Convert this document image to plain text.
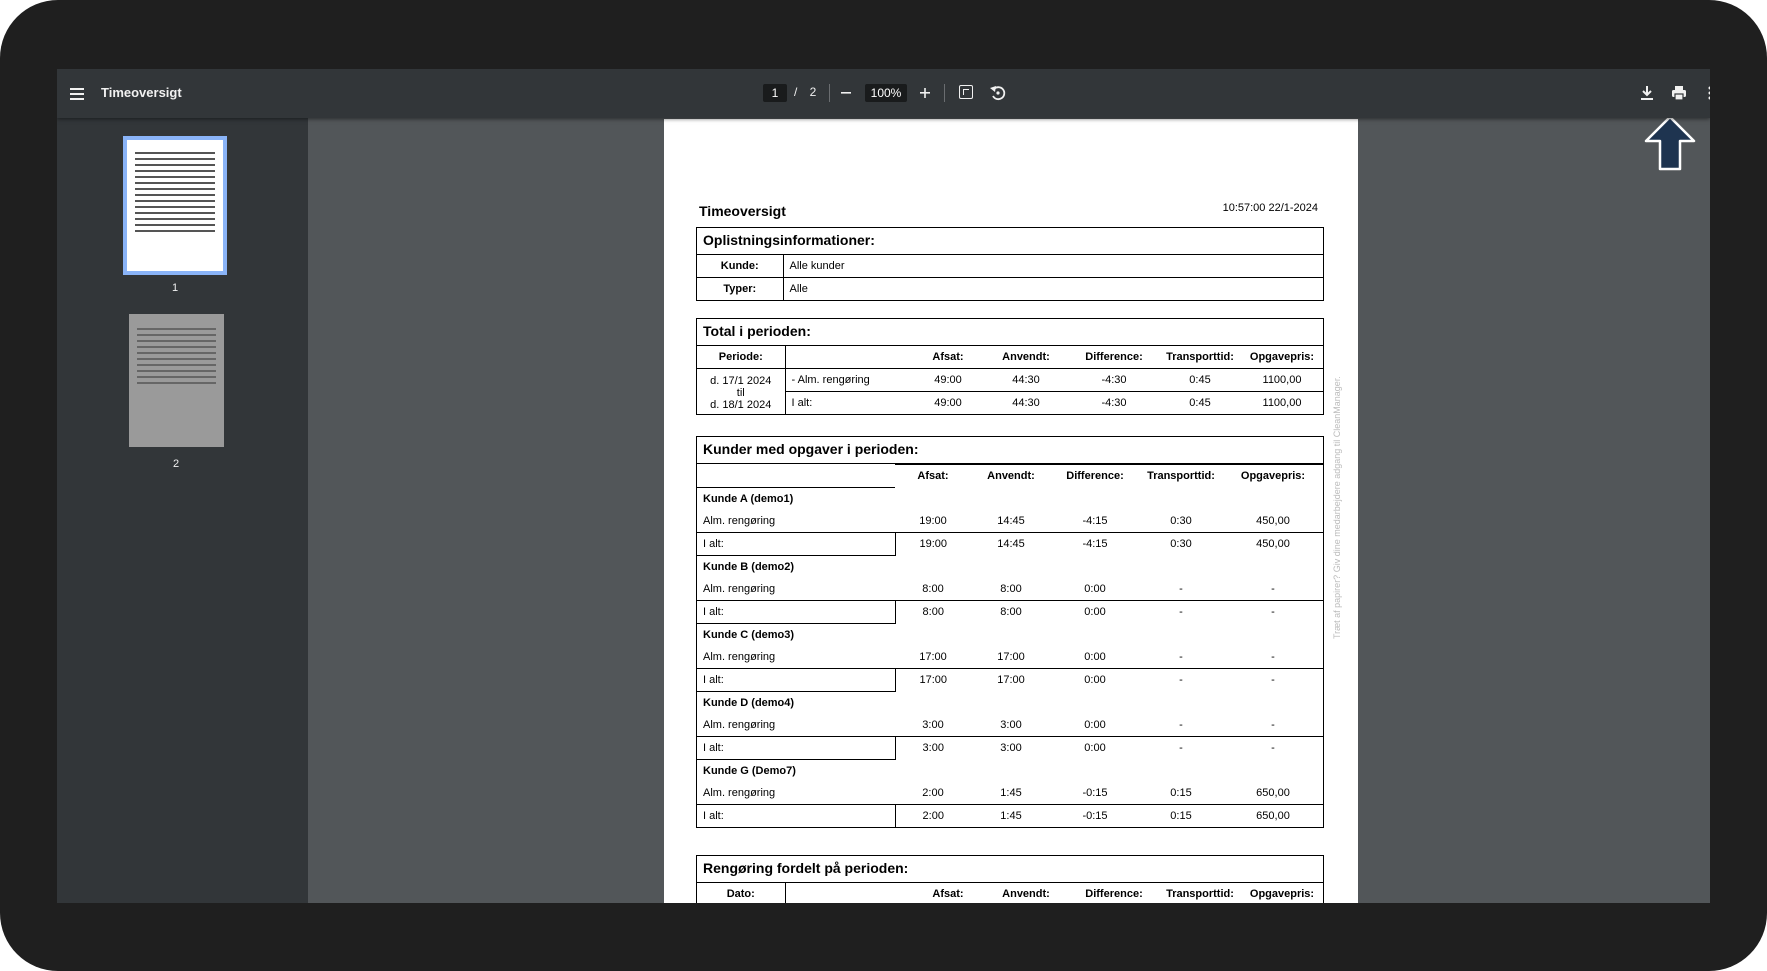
Timeoversigt	1	/	2	100%
1
2
Timeoversigt	10:57:00 22/1-2024
Oplistningsinformationer:
Kunde:	Alle kunder
Typer:	Alle
Total i perioden:
Periode:		Afsat:	Anvendt:	Difference:	Transporttid:	Opgavepris:

d. 17/1 2024
til
d. 18/1 2024	- Alm. rengøring	49:00	44:30	-4:30	0:45	1100,00
	I alt:	49:00	44:30	-4:30	0:45	1100,00
Kunder med opgaver i perioden:
	Afsat:	Anvendt:	Difference:	Transporttid:	Opgavepris:
Kunde A (demo1)					
Alm. rengøring	19:00	14:45	-4:15	0:30	450,00
I alt:	19:00	14:45	-4:15	0:30	450,00
Kunde B (demo2)					
Alm. rengøring	8:00	8:00	0:00	-	-
I alt:	8:00	8:00	0:00	-	-
Kunde C (demo3)					
Alm. rengøring	17:00	17:00	0:00	-	-
I alt:	17:00	17:00	0:00	-	-
Kunde D (demo4)					
Alm. rengøring	3:00	3:00	0:00	-	-
I alt:	3:00	3:00	0:00	-	-
Kunde G (Demo7)					
Alm. rengøring	2:00	1:45	-0:15	0:15	650,00
I alt:	2:00	1:45	-0:15	0:15	650,00
Rengøring fordelt på perioden:
Dato:		Afsat:	Anvendt:	Difference:	Transporttid:	Opgavepris:
Træt af papirer? Giv dine medarbejdere adgang til CleanManager.
